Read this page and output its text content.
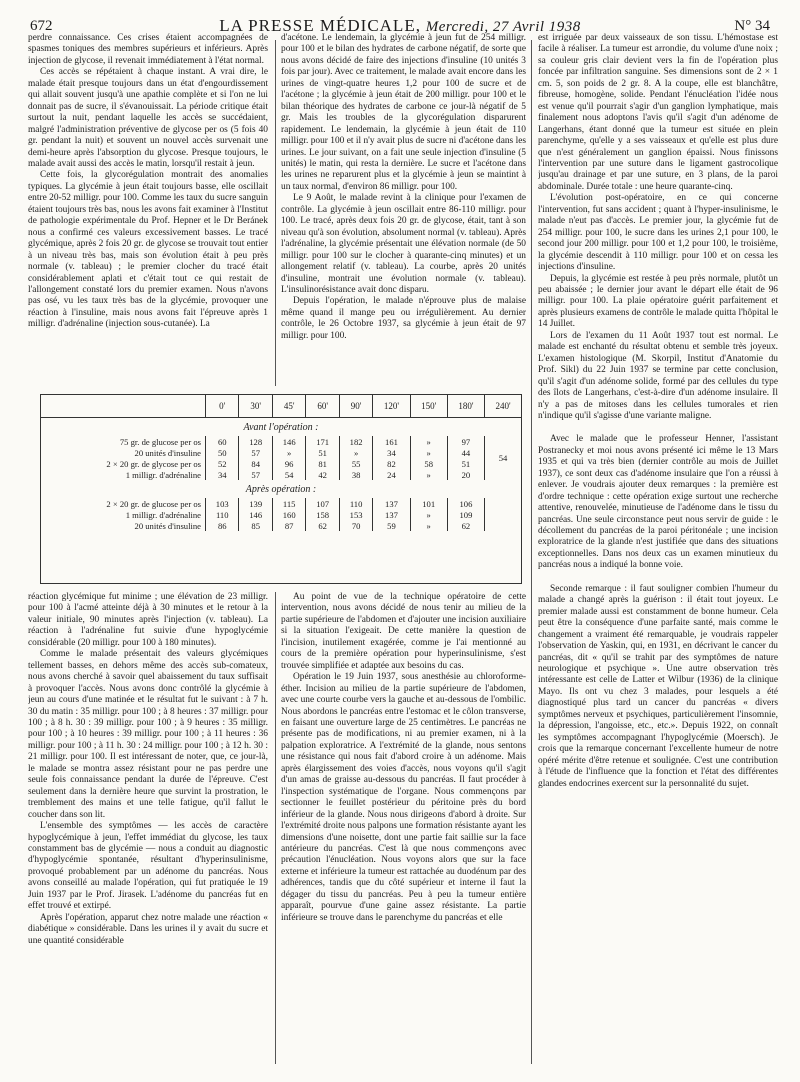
672	LA PRESSE MÉDICALE, Mercredi, 27 Avril 1938	N° 34

perdre connaissance. Ces crises étaient accompagnées de spasmes toniques des membres supérieurs et inférieurs. Après injection de glycose, il revenait immédiatement à l'état normal.

Ces accès se répétaient à chaque instant. A vrai dire, le malade était presque toujours dans un état d'engourdissement qui allait souvent jusqu'à une apathie complète et si l'on ne lui donnait pas de sucre, il s'évanouissait. La période critique était surtout la nuit, pendant laquelle les accès se succédaient, malgré l'administration préventive de glycose per os (5 fois 40 gr. pendant la nuit) et souvent un nouvel accès survenait une demi-heure après l'absorption du glycose. Presque toujours, le malade avait aussi des accès le matin, lorsqu'il restait à jeun.

Cette fois, la glycorégulation montrait des anomalies typiques. La glycémie à jeun était toujours basse, elle oscillait entre 20-52 milligr. pour 100. Comme les taux du sucre sanguin étaient toujours très bas, nous les avons fait examiner à l'Institut de pathologie expérimentale du Prof. Hepner et le Dr Beránek nous a confirmé ces valeurs excessivement basses. Le tracé glycémique, après 2 fois 20 gr. de glycose se trouvait tout entier à un niveau très bas, mais son évolution était à peu près normale (v. tableau) ; le premier clocher du tracé était considérablement aplati et c'était tout ce qui restait de l'allongement constaté lors du premier examen. Nous n'avons pas osé, vu les taux très bas de la glycémie, provoquer une réaction à l'insuline, mais nous avons fait l'épreuve après 1 milligr. d'adrénaline (injection sous-cutanée). La

d'acétone. Le lendemain, la glycémie à jeun fut de 254 milligr. pour 100 et le bilan des hydrates de carbone négatif, de sorte que nous avons décidé de faire des injections d'insuline (10 unités 3 fois par jour). Avec ce traitement, le malade avait encore dans les urines de vingt-quatre heures 1,2 pour 100 de sucre et de l'acétone ; la glycémie à jeun était de 200 milligr. pour 100 et le bilan théorique des hydrates de carbone ce jour-là négatif de 5 gr. Mais les troubles de la glycorégulation disparurent rapidement. Le lendemain, la glycémie à jeun était de 110 milligr. pour 100 et il n'y avait plus de sucre ni d'acétone dans les urines. Le jour suivant, on a fait une seule injection d'insuline (5 unités) le matin, qui resta la dernière. Le sucre et l'acétone dans les urines ne reparurent plus et la glycémie à jeun se maintint à un taux normal, d'environ 86 milligr. pour 100.

Le 9 Août, le malade revint à la clinique pour l'examen de contrôle. La glycémie à jeun oscillait entre 86-110 milligr. pour 100. Le tracé, après deux fois 20 gr. de glycose, était, tant à son niveau qu'à son évolution, absolument normal (v. tableau). Après l'adrénaline, la glycémie présentait une élévation normale (de 50 milligr. pour 100 sur le clocher à quarante-cinq minutes) et un allongement relatif (v. tableau). La courbe, après 20 unités d'insuline, montrait une évolution normale (v. tableau). L'insulinorésistance avait donc disparu.

Depuis l'opération, le malade n'éprouve plus de malaise même quand il mange peu ou irrégulièrement. Au dernier contrôle, le 26 Octobre 1937, sa glycémie à jeun était de 97 milligr. pour 100.

est irriguée par deux vaisseaux de son tissu. L'hémostase est facile à réaliser. La tumeur est arrondie, du volume d'une noix ; sa couleur gris clair devient vers la fin de l'opération plus foncée par infiltration sanguine. Ses dimensions sont de 2 × 1 cm. 5, son poids de 2 gr. 8. A la coupe, elle est blanchâtre, fibreuse, homogène, solide. Pendant l'énucléation l'idée nous est venue qu'il pourrait s'agir d'un ganglion lymphatique, mais finalement nous adoptons l'avis qu'il s'agit d'un adénome de Langerhans, étant donné que la tumeur est située en plein parenchyme, qu'elle y a ses vaisseaux et qu'elle est plus dure que n'est généralement un ganglion épaissi. Nous finissons l'intervention par une suture dans le ligament gastrocolique jusqu'au drainage et par une suture, en 3 plans, de la paroi abdominale. Durée totale : une heure quarante-cinq.

L'évolution post-opératoire, en ce qui concerne l'intervention, fut sans accident ; quant à l'hyper-insulinisme, le malade n'eut pas d'accès. Le premier jour, la glycémie fut de 254 milligr. pour 100, le sucre dans les urines 2,1 pour 100, le second jour 200 milligr. pour 100 et 1,2 pour 100, le troisième, la glycémie descendit à 110 milligr. pour 100 et on cessa les injections d'insuline.

Depuis, la glycémie est restée à peu près normale, plutôt un peu abaissée ; le dernier jour avant le départ elle était de 96 milligr. pour 100. La plaie opératoire guérit parfaitement et après plusieurs examens de contrôle le malade quitta l'hôpital le 14 Juillet.

Lors de l'examen du 11 Août 1937 tout est normal. Le malade est enchanté du résultat obtenu et semble très joyeux. L'examen histologique (M. Skorpil, Institut d'Anatomie du Prof. Sikl) du 22 Juin 1937 se termine par cette conclusion, qu'il s'agit d'un adénome solide, formé par des cellules du type des îlots de Langerhans, c'est-à-dire d'un adénome insulaire. Il n'y a pas de mitoses dans les cellules tumorales et rien n'indique qu'il s'agisse d'une variante maligne.

Avec le malade que le professeur Henner, l'assistant Postranecky et moi nous avons présenté ici même le 13 Mars 1935 et qui va très bien (dernier contrôle au mois de Juillet 1937), ce sont deux cas d'adénome insulaire que l'on a réussi à enlever. Je voudrais ajouter deux remarques : la première est d'ordre technique : cette opération exige surtout une recherche attentive, renouvelée, minutieuse de l'adénome dans le tissu du pancréas. Une seule circonstance peut nous servir de guide : le décollement du pancréas de la paroi péritonéale ; une incision exploratrice de la glande n'est justifiée que dans des situations exceptionnelles. Dans nos deux cas un examen minutieux du pancréas nous a indiqué la bonne voie.

Seconde remarque : il faut souligner combien l'humeur du malade a changé après la guérison : il était tout joyeux. Le premier malade aussi est constamment de bonne humeur. Cela peut être la conséquence d'une parfaite santé, mais comme le changement a vraiment été remarquable, je voudrais rappeler l'observation de Yaskin, qui, en 1931, en décrivant le cancer du pancréas, dit « qu'il se trahit par des symptômes de nature neurologique et psychique ». Une autre observation très intéressante est celle de Latter et Wilbur (1936) de la clinique Mayo. Ils ont vu chez 3 malades, pour lesquels a été diagnostiqué plus tard un cancer du pancréas « divers symptômes nerveux et psychiques, particulièrement l'insomnie, la dépression, l'angoisse, etc., etc.». Depuis 1922, on connaît les symptômes accompagnant l'hypoglycémie (Moersch). Je crois que la remarque concernant l'excellente humeur de notre opéré mérite d'être retenue et soulignée. C'est une contribution à l'étude de l'influence que la fonction et l'état des différentes glandes endocrines exercent sur la personnalité du sujet.

	0'	30'	45'	60'	90'	120'	150'	180'	240'
Avant l'opération :									
75 gr. de glucose per os	60	128	146	171	182	161	»	97	54
20 unités d'insuline	50	57	»	51	»	34	»	44	
2 × 20 gr. de glycose per os	52	84	96	81	55	82	58	51	
1 milligr. d'adrénaline	34	57	54	42	38	24	»	20	
Après opération :									
2 × 20 gr. de glucose per os	103	139	115	107	110	137	101	106	
1 milligr. d'adrénaline	110	146	160	158	153	137	»	109	
20 unités d'insuline	86	85	87	62	70	59	»	62	

réaction glycémique fut minime ; une élévation de 23 milligr. pour 100 à l'acmé atteinte déjà à 30 minutes et le retour à la valeur initiale, 90 minutes après l'injection (v. tableau). La réaction à l'adrénaline fut suivie d'une hypoglycémie considérable (20 milligr. pour 100 à 180 minutes).

Comme le malade présentait des valeurs glycémiques tellement basses, en dehors même des accès sub-comateux, nous avons cherché à savoir quel abaissement du taux suffisait à provoquer l'accès. Nous avons donc contrôlé la glycémie à jeun au cours d'une matinée et le résultat fut le suivant : à 7 h. 30 du matin : 35 milligr. pour 100 ; à 8 heures : 37 milligr. pour 100 ; à 8 h. 30 : 39 milligr. pour 100 ; à 9 heures : 35 milligr. pour 100 ; à 10 heures : 39 milligr. pour 100 ; à 11 heures : 36 milligr. pour 100 ; à 11 h. 30 : 24 milligr. pour 100 ; à 12 h. 30 : 21 milligr. pour 100. Il est intéressant de noter, que, ce jour-là, le malade se montra assez résistant pour ne pas perdre une seule fois connaissance pendant la durée de l'épreuve. C'est seulement dans la dernière heure que survint la prostration, le tremblement des mains et une telle fatigue, qu'il fallut le coucher dans son lit.

L'ensemble des symptômes — les accès de caractère hypoglycémique à jeun, l'effet immédiat du glycose, les taux constamment bas de glycémie — nous a conduit au diagnostic d'hypoglycémie spontanée, résultant d'hyperinsulinisme, provoqué probablement par un adénome du pancréas. Nous avons conseillé au malade l'opération, qui fut pratiquée le 19 Juin 1937 par le Prof. Jirasek. L'adénome du pancréas fut en effet trouvé et extirpé.

Après l'opération, apparut chez notre malade une réaction « diabétique » considérable. Dans les urines il y avait du sucre et une quantité considérable

Au point de vue de la technique opératoire de cette intervention, nous avons décidé de nous tenir au milieu de la partie supérieure de l'abdomen et d'ajouter une incision auxiliaire si la situation l'exigeait. De cette manière la question de l'incision, inutilement exagérée, comme je l'ai mentionné au cours de la première opération pour hyperinsulinisme, s'est trouvée simplifiée et adaptée aux besoins du cas.

Opération le 19 Juin 1937, sous anesthésie au chloroforme-éther. Incision au milieu de la partie supérieure de l'abdomen, avec une courte courbe vers la gauche et au-dessous de l'ombilic. Nous abordons le pancréas entre l'estomac et le côlon transverse, en faisant une ouverture large de 25 centimètres. Le pancréas ne présente pas de modifications, ni au premier examen, ni à la palpation exploratrice. A l'extrémité de la glande, nous sentons une résistance qui nous fait d'abord croire à un adénome. Mais après élargissement des voies d'accès, nous voyons qu'il s'agit d'un amas de graisse au-dessous du pancréas. Il faut procéder à l'inspection systématique de l'organe. Nous commençons par sectionner le feuillet postérieur du péritoine près du bord inférieur de la glande. Nous nous dirigeons d'abord à droite. Sur l'extrémité droite nous palpons une formation résistante ayant les dimensions d'une noisette, dont une partie fait saillie sur la face antérieure du pancréas. C'est là que nous commençons avec précaution l'énucléation. Nous voyons alors que sur la face externe et inférieure la tumeur est rattachée au duodénum par des adhérences, tandis que du côté supérieur et interne il faut la dégager du tissu du pancréas. Peu à peu la tumeur entière apparaît, pourvue d'une gaine assez résistante. La partie inférieure se trouve dans le parenchyme du pancréas et elle
